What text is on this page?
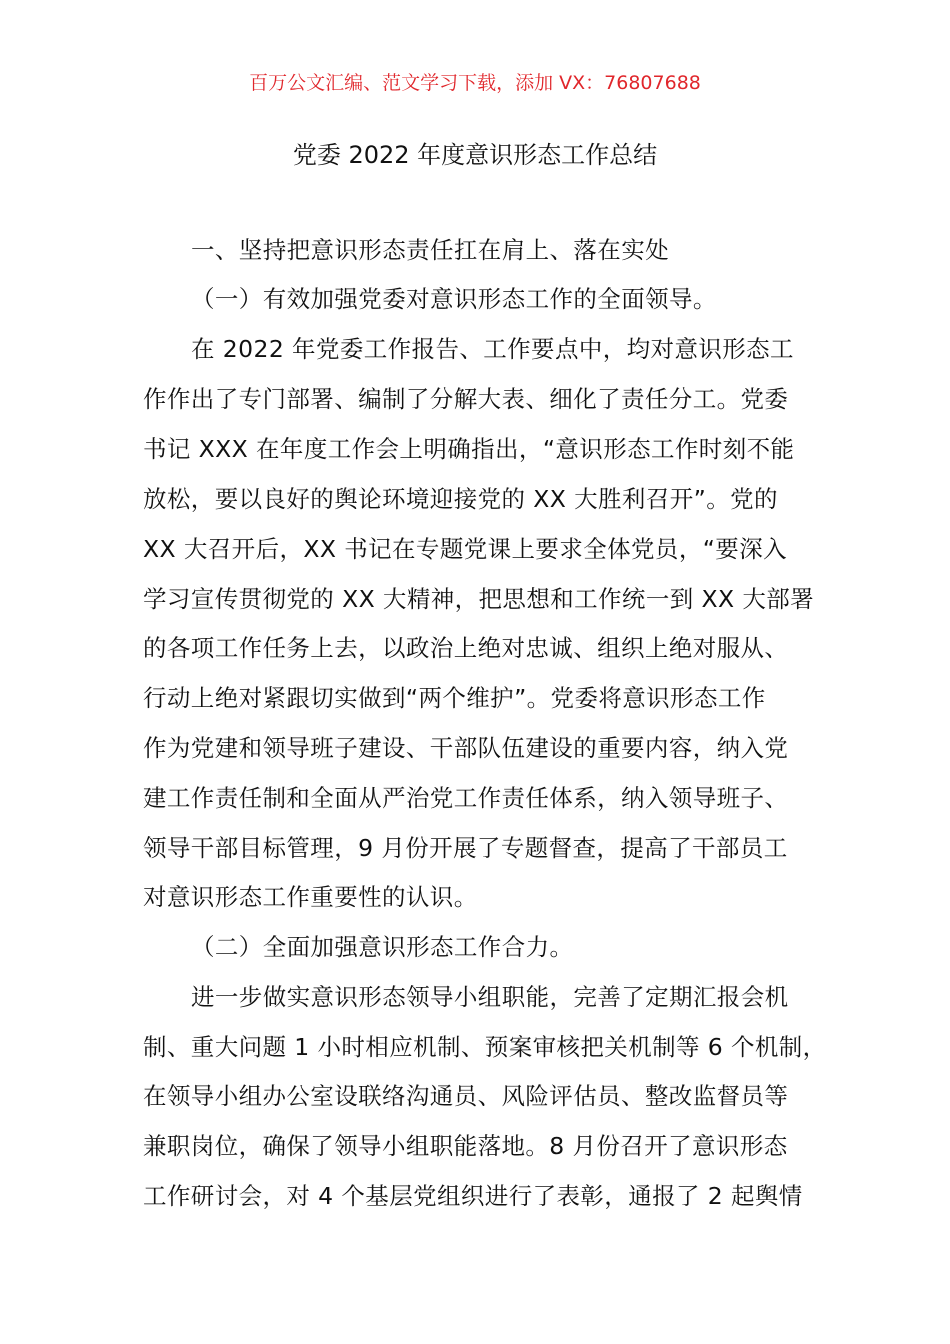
百万公文汇编、范文学习下载，添加 VX：76807688
党委 2022 年度意识形态工作总结
一、坚持把意识形态责任扛在肩上、落在实处
（一）有效加强党委对意识形态工作的全面领导。
在 2022 年党委工作报告、工作要点中，均对意识形态工
作作出了专门部署、编制了分解大表、细化了责任分工。党委
书记 XXX 在年度工作会上明确指出，“意识形态工作时刻不能
放松，要以良好的舆论环境迎接党的 XX 大胜利召开”。党的
XX 大召开后，XX 书记在专题党课上要求全体党员，“要深入
学习宣传贯彻党的 XX 大精神，把思想和工作统一到 XX 大部署
的各项工作任务上去，以政治上绝对忠诚、组织上绝对服从、
行动上绝对紧跟切实做到“两个维护”。党委将意识形态工作
作为党建和领导班子建设、干部队伍建设的重要内容，纳入党
建工作责任制和全面从严治党工作责任体系，纳入领导班子、
领导干部目标管理，9 月份开展了专题督查，提高了干部员工
对意识形态工作重要性的认识。
（二）全面加强意识形态工作合力。
进一步做实意识形态领导小组职能，完善了定期汇报会机
制、重大问题 1 小时相应机制、预案审核把关机制等 6 个机制，
在领导小组办公室设联络沟通员、风险评估员、整改监督员等
兼职岗位，确保了领导小组职能落地。8 月份召开了意识形态
工作研讨会，对 4 个基层党组织进行了表彰，通报了 2 起舆情
